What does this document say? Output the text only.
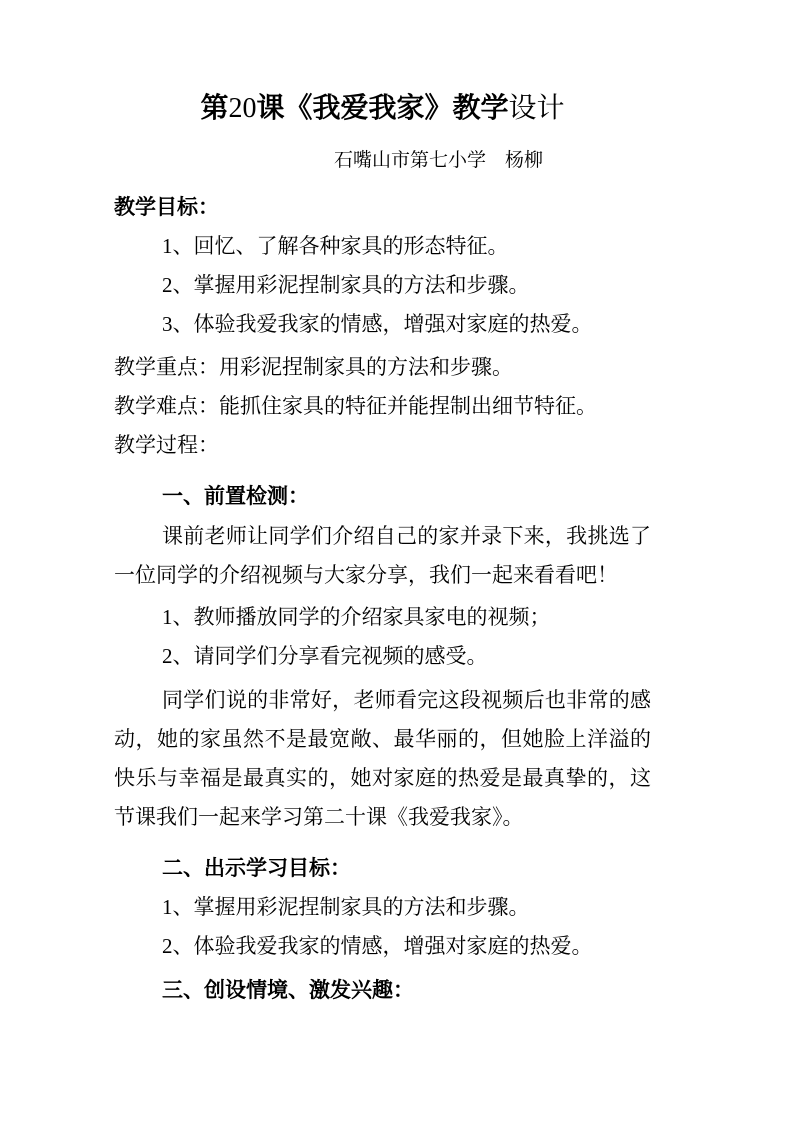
第20课《我爱我家》教学设计
石嘴山市第七小学　杨柳
教学目标：
1、回忆、了解各种家具的形态特征。
2、掌握用彩泥捏制家具的方法和步骤。
3、体验我爱我家的情感，增强对家庭的热爱。
教学重点：用彩泥捏制家具的方法和步骤。
教学难点：能抓住家具的特征并能捏制出细节特征。
教学过程：
一、前置检测：
课前老师让同学们介绍自己的家并录下来，我挑选了一位同学的介绍视频与大家分享，我们一起来看看吧！
1、教师播放同学的介绍家具家电的视频；
2、请同学们分享看完视频的感受。
同学们说的非常好，老师看完这段视频后也非常的感动，她的家虽然不是最宽敞、最华丽的，但她脸上洋溢的快乐与幸福是最真实的，她对家庭的热爱是最真挚的，这节课我们一起来学习第二十课《我爱我家》。
二、出示学习目标：
1、掌握用彩泥捏制家具的方法和步骤。
2、体验我爱我家的情感，增强对家庭的热爱。
三、创设情境、激发兴趣：
